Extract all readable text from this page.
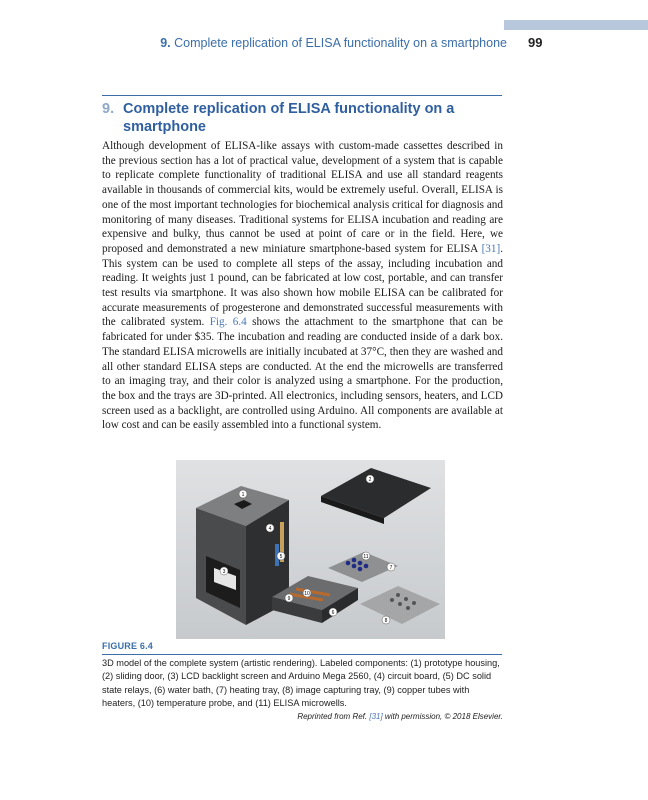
9. Complete replication of ELISA functionality on a smartphone 99
9. Complete replication of ELISA functionality on a smartphone

Although development of ELISA-like assays with custom-made cassettes described in the previous section has a lot of practical value, development of a system that is capable to replicate complete functionality of traditional ELISA and use all standard reagents available in thousands of commercial kits, would be extremely useful. Overall, ELISA is one of the most important technologies for biochemical analysis critical for diagnosis and monitoring of many diseases. Traditional systems for ELISA incubation and reading are expensive and bulky, thus cannot be used at point of care or in the field. Here, we proposed and demonstrated a new miniature smartphone-based system for ELISA [31]. This system can be used to complete all steps of the assay, including incubation and reading. It weights just 1 pound, can be fabricated at low cost, portable, and can transfer test results via smartphone. It was also shown how mobile ELISA can be calibrated for accurate measurements of progesterone and demonstrated successful measurements with the calibrated system. Fig. 6.4 shows the attachment to the smartphone that can be fabricated for under $35. The incubation and reading are conducted inside of a dark box. The standard ELISA microwells are initially incubated at 37°C, then they are washed and all other standard ELISA steps are conducted. At the end the microwells are transferred to an imaging tray, and their color is analyzed using a smartphone. For the production, the box and the trays are 3D-printed. All electronics, including sensors, heaters, and LCD screen used as a backlight, are controlled using Arduino. All components are available at low cost and can be easily assembled into a functional system.

1
2
3
4
5
6
7
8
9
10
11
FIGURE 6.4
3D model of the complete system (artistic rendering). Labeled components: (1) prototype housing, (2) sliding door, (3) LCD backlight screen and Arduino Mega 2560, (4) circuit board, (5) DC solid state relays, (6) water bath, (7) heating tray, (8) image capturing tray, (9) copper tubes with heaters, (10) temperature probe, and (11) ELISA microwells.
Reprinted from Ref. [31] with permission, © 2018 Elsevier.
